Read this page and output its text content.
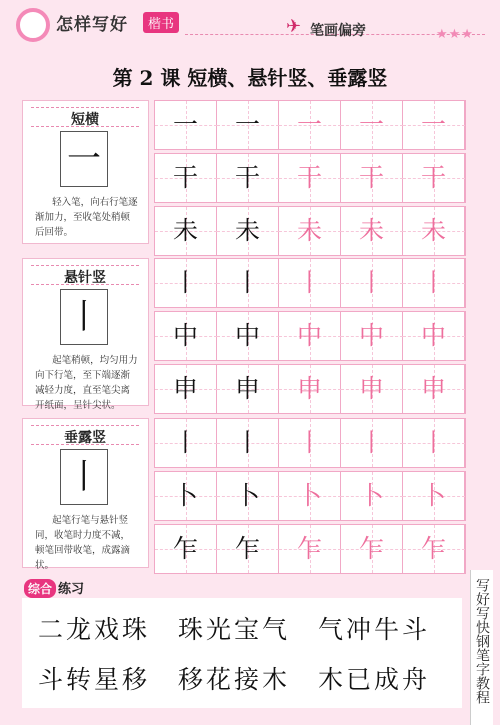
怎样写好	楷书	✈ 笔画偏旁	★★★
第 2 课 短横、悬针竖、垂露竖
短横
一
轻入笔，向右行笔逐渐加力，至收笔处稍顿后回带。
一	一	一	一	一
干	干	干	干	干
未	未	未	未	未
悬针竖
丨
起笔稍顿，均匀用力向下行笔，至下端逐渐减轻力度，直至笔尖离开纸面，呈针尖状。
丨	丨	丨	丨	丨
中	中	中	中	中
申	申	申	申	申
垂露竖
丨
起笔行笔与悬针竖同，收笔时力度不减，顿笔回带收笔，成露滴状。
丨	丨	丨	丨	丨
卜	卜	卜	卜	卜
乍	乍	乍	乍	乍
综合 练习
二龙戏珠　珠光宝气　气冲牛斗
斗转星移　移花接木　木已成舟	写好写快钢笔字教程
